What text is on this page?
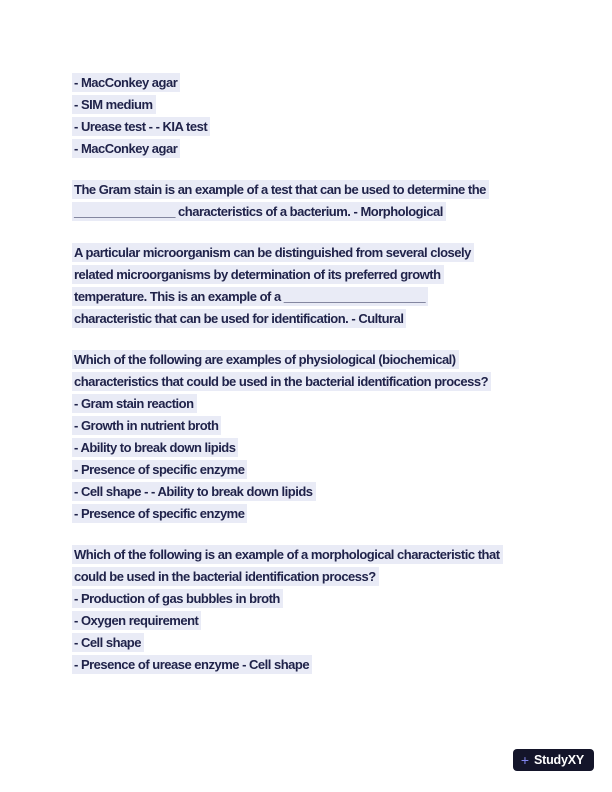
- MacConkey agar
- SIM medium
- Urease test - - KIA test
- MacConkey agar
The Gram stain is an example of a test that can be used to determine the
_______________ characteristics of a bacterium. - Morphological
A particular microorganism can be distinguished from several closely
related microorganisms by determination of its preferred growth
temperature. This is an example of a _____________________
characteristic that can be used for identification. - Cultural
Which of the following are examples of physiological (biochemical)
characteristics that could be used in the bacterial identification process?
- Gram stain reaction
- Growth in nutrient broth
- Ability to break down lipids
- Presence of specific enzyme
- Cell shape - - Ability to break down lipids
- Presence of specific enzyme
Which of the following is an example of a morphological characteristic that
could be used in the bacterial identification process?
- Production of gas bubbles in broth
- Oxygen requirement
- Cell shape
- Presence of urease enzyme - Cell shape
+ StudyXY
